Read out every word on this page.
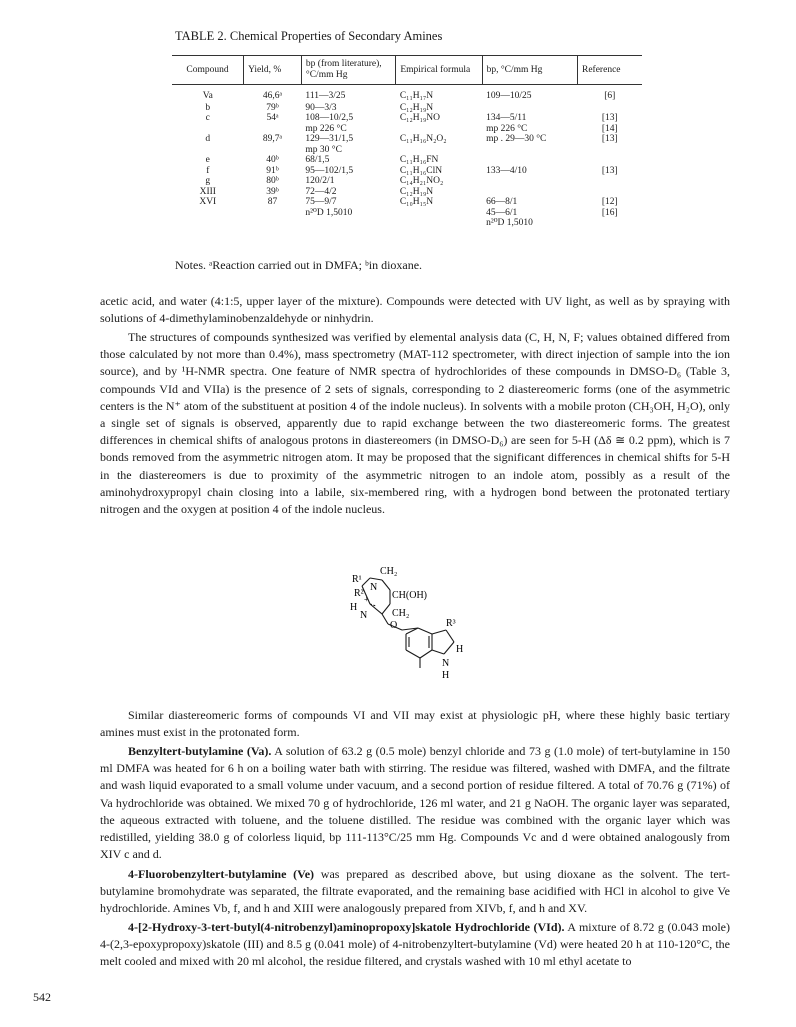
TABLE 2. Chemical Properties of Secondary Amines
Compound	Yield, %	bp (from literature), °C/mm Hg	Empirical formula	bp, °C/mm Hg	Reference
Va	46,6ᵃ	111—3/25	C₁₁H₁₇N	109—10/25	[6]
b	79ᵇ	90—3/3	C₁₂H₁₉N		
c	54ᵃ	108—10/2,5	C₁₂H₁₉NO	134—5/11	[13]
		mp 226 °C		mp 226 °C	[14]
d	89,7ᵃ	129—31/1,5	C₁₁H₁₆N₂O₂	mp . 29—30 °C	[13]
		mp 30 °C			
e	40ᵇ	68/1,5	C₁₁H₁₆FN		
f	91ᵇ	95—102/1,5	C₁₁H₁₆ClN	133—4/10	[13]
g	80ᵇ	120/2/1	C₁₄H₂₁NO₂		
XIII	39ᵇ	72—4/2	C₁₂H₁₉N		
XVI	87	75—9/7	C₁₀H₁₅N	66—8/1	[12]
		n²⁰D 1,5010		45—6/1	[16]
				n²⁰D 1,5010	
Notes. ᵃReaction carried out in DMFA; ᵇin dioxane.

acetic acid, and water (4:1:5, upper layer of the mixture). Compounds were detected with UV light, as well as by spraying with solutions of 4-dimethylaminobenzaldehyde or ninhydrin.

The structures of compounds synthesized was verified by elemental analysis data (C, H, N, F; values obtained differed from those calculated by not more than 0.4%), mass spectrometry (MAT-112 spectrometer, with direct injection of sample into the ion source), and by ¹H-NMR spectra. One feature of NMR spectra of hydrochlorides of these compounds in DMSO-D₆ (Table 3, compounds VId and VIIa) is the presence of 2 sets of signals, corresponding to 2 diastereomeric forms (one of the asymmetric centers is the N⁺ atom of the substituent at position 4 of the indole nucleus). In solvents with a mobile proton (CH₃OH, H₂O), only a single set of signals is observed, apparently due to rapid exchange between the two diastereomeric forms. The greatest differences in chemical shifts of analogous protons in diastereomers (in DMSO-D₆) are seen for 5-H (Δδ ≅ 0.2 ppm), which is 7 bonds removed from the asymmetric nitrogen atom. It may be proposed that the significant differences in chemical shifts for 5-H in the diastereomers is due to proximity of the asymmetric nitrogen to an indole atom, possibly as a result of the aminohydroxypropyl chain closing into a labile, six-membered ring, with a hydrogen bond between the protonated tertiary nitrogen and the oxygen at position 4 of the indole nucleus.

R¹
R²
N
+
CH₂
CH(OH)
H
N CH₂
O	R³
H
N
H

Similar diastereomeric forms of compounds VI and VII may exist at physiologic pH, where these highly basic tertiary amines must exist in the protonated form.

Benzyltert-butylamine (Va). A solution of 63.2 g (0.5 mole) benzyl chloride and 73 g (1.0 mole) of tert-butylamine in 150 ml DMFA was heated for 6 h on a boiling water bath with stirring. The residue was filtered, washed with DMFA, and the filtrate and wash liquid evaporated to a small volume under vacuum, and a second portion of residue filtered. A total of 70.76 g (71%) of Va hydrochloride was obtained. We mixed 70 g of hydrochloride, 126 ml water, and 21 g NaOH. The organic layer was separated, the aqueous extracted with toluene, and the toluene distilled. The residue was combined with the organic layer which was redistilled, yielding 38.0 g of colorless liquid, bp 111-113°C/25 mm Hg. Compounds Vc and d were obtained analogously from XIV c and d.

4-Fluorobenzyltert-butylamine (Ve) was prepared as described above, but using dioxane as the solvent. The tert-butylamine bromohydrate was separated, the filtrate evaporated, and the remaining base acidified with HCl in alcohol to give Ve hydrochloride. Amines Vb, f, and h and XIII were analogously prepared from XIVb, f, and h and XV.

4-[2-Hydroxy-3-tert-butyl(4-nitrobenzyl)aminopropoxy]skatole Hydrochloride (VId). A mixture of 8.72 g (0.043 mole) 4-(2,3-epoxypropoxy)skatole (III) and 8.5 g (0.041 mole) of 4-nitrobenzyltert-butylamine (Vd) were heated 20 h at 110-120°C, the melt cooled and mixed with 20 ml alcohol, the residue filtered, and crystals washed with 10 ml ethyl acetate to

542
